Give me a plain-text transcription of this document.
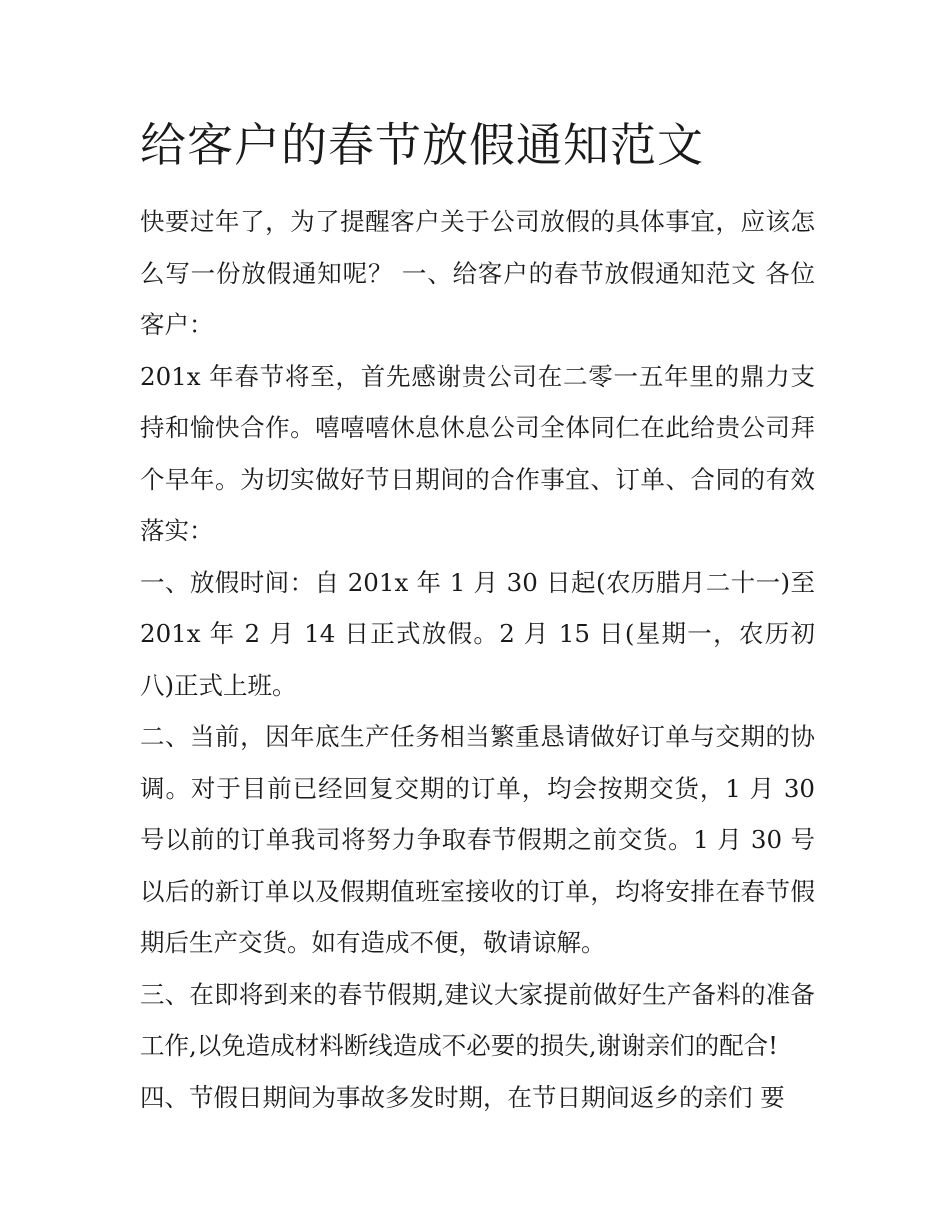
给客户的春节放假通知范文

快要过年了，为了提醒客户关于公司放假的具体事宜，应该怎么写一份放假通知呢？ 一、给客户的春节放假通知范文 各位客户：

201x 年春节将至，首先感谢贵公司在二零一五年里的鼎力支持和愉快合作。嘻嘻嘻休息休息公司全体同仁在此给贵公司拜个早年。为切实做好节日期间的合作事宜、订单、合同的有效落实：

一、放假时间：自 201x 年 1 月 30 日起(农历腊月二十一)至 201x 年 2 月 14 日正式放假。2 月 15 日(星期一，农历初八)正式上班。

二、当前，因年底生产任务相当繁重恳请做好订单与交期的协调。对于目前已经回复交期的订单，均会按期交货，1 月 30 号以前的订单我司将努力争取春节假期之前交货。1 月 30 号以后的新订单以及假期值班室接收的订单，均将安排在春节假期后生产交货。如有造成不便，敬请谅解。

三、在即将到来的春节假期,建议大家提前做好生产备料的准备工作,以免造成材料断线造成不必要的损失,谢谢亲们的配合!

四、节假日期间为事故多发时期，在节日期间返乡的亲们 要
